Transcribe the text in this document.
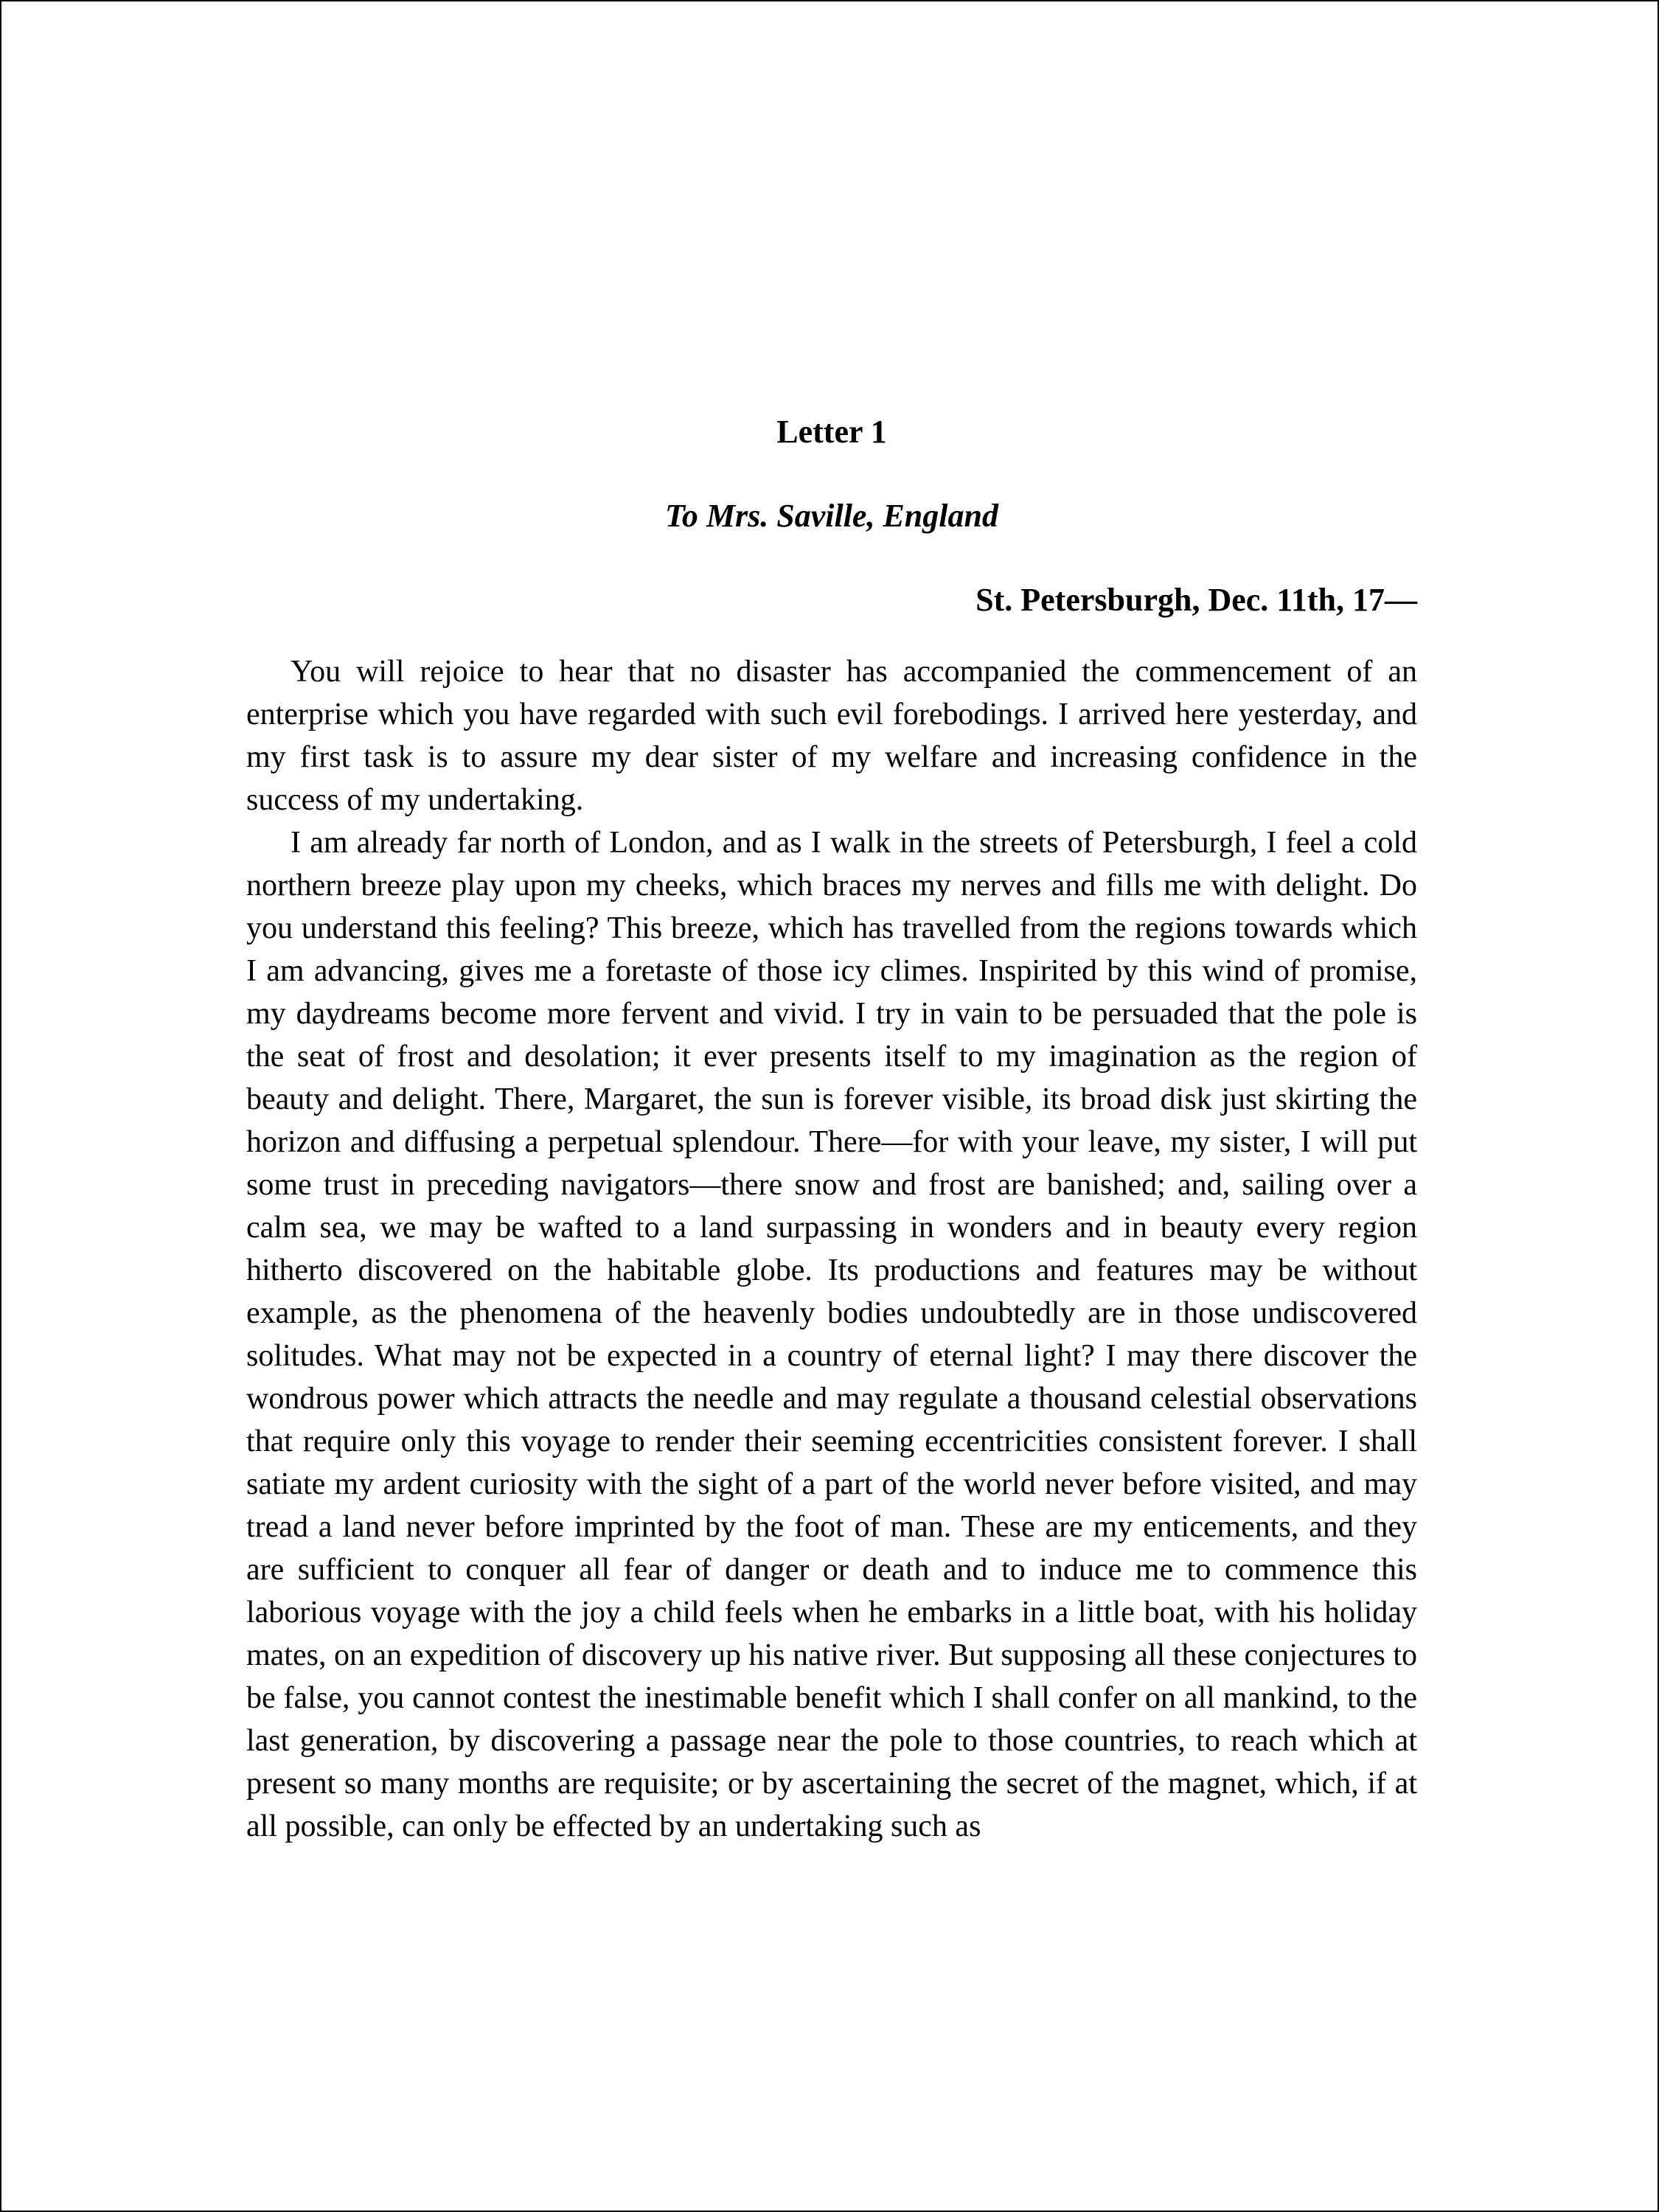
Letter 1
To Mrs. Saville, England
St. Petersburgh, Dec. 11th, 17—

You will rejoice to hear that no disaster has accompanied the commencement of an enterprise which you have regarded with such evil forebodings. I arrived here yesterday, and my first task is to assure my dear sister of my welfare and increasing confidence in the success of my undertaking.

I am already far north of London, and as I walk in the streets of Petersburgh, I feel a cold northern breeze play upon my cheeks, which braces my nerves and fills me with delight. Do you understand this feeling? This breeze, which has travelled from the regions towards which I am advancing, gives me a foretaste of those icy climes. Inspirited by this wind of promise, my daydreams become more fervent and vivid. I try in vain to be persuaded that the pole is the seat of frost and desolation; it ever presents itself to my imagination as the region of beauty and delight. There, Margaret, the sun is forever visible, its broad disk just skirting the horizon and diffusing a perpetual splendour. There—for with your leave, my sister, I will put some trust in preceding navigators—there snow and frost are banished; and, sailing over a calm sea, we may be wafted to a land surpassing in wonders and in beauty every region hitherto discovered on the habitable globe. Its productions and features may be without example, as the phenomena of the heavenly bodies undoubtedly are in those undiscovered solitudes. What may not be expected in a country of eternal light? I may there discover the wondrous power which attracts the needle and may regulate a thousand celestial observations that require only this voyage to render their seeming eccentricities consistent forever. I shall satiate my ardent curiosity with the sight of a part of the world never before visited, and may tread a land never before imprinted by the foot of man. These are my enticements, and they are sufficient to conquer all fear of danger or death and to induce me to commence this laborious voyage with the joy a child feels when he embarks in a little boat, with his holiday mates, on an expedition of discovery up his native river. But supposing all these conjectures to be false, you cannot contest the inestimable benefit which I shall confer on all mankind, to the last generation, by discovering a passage near the pole to those countries, to reach which at present so many months are requisite; or by ascertaining the secret of the magnet, which, if at all possible, can only be effected by an undertaking such as
